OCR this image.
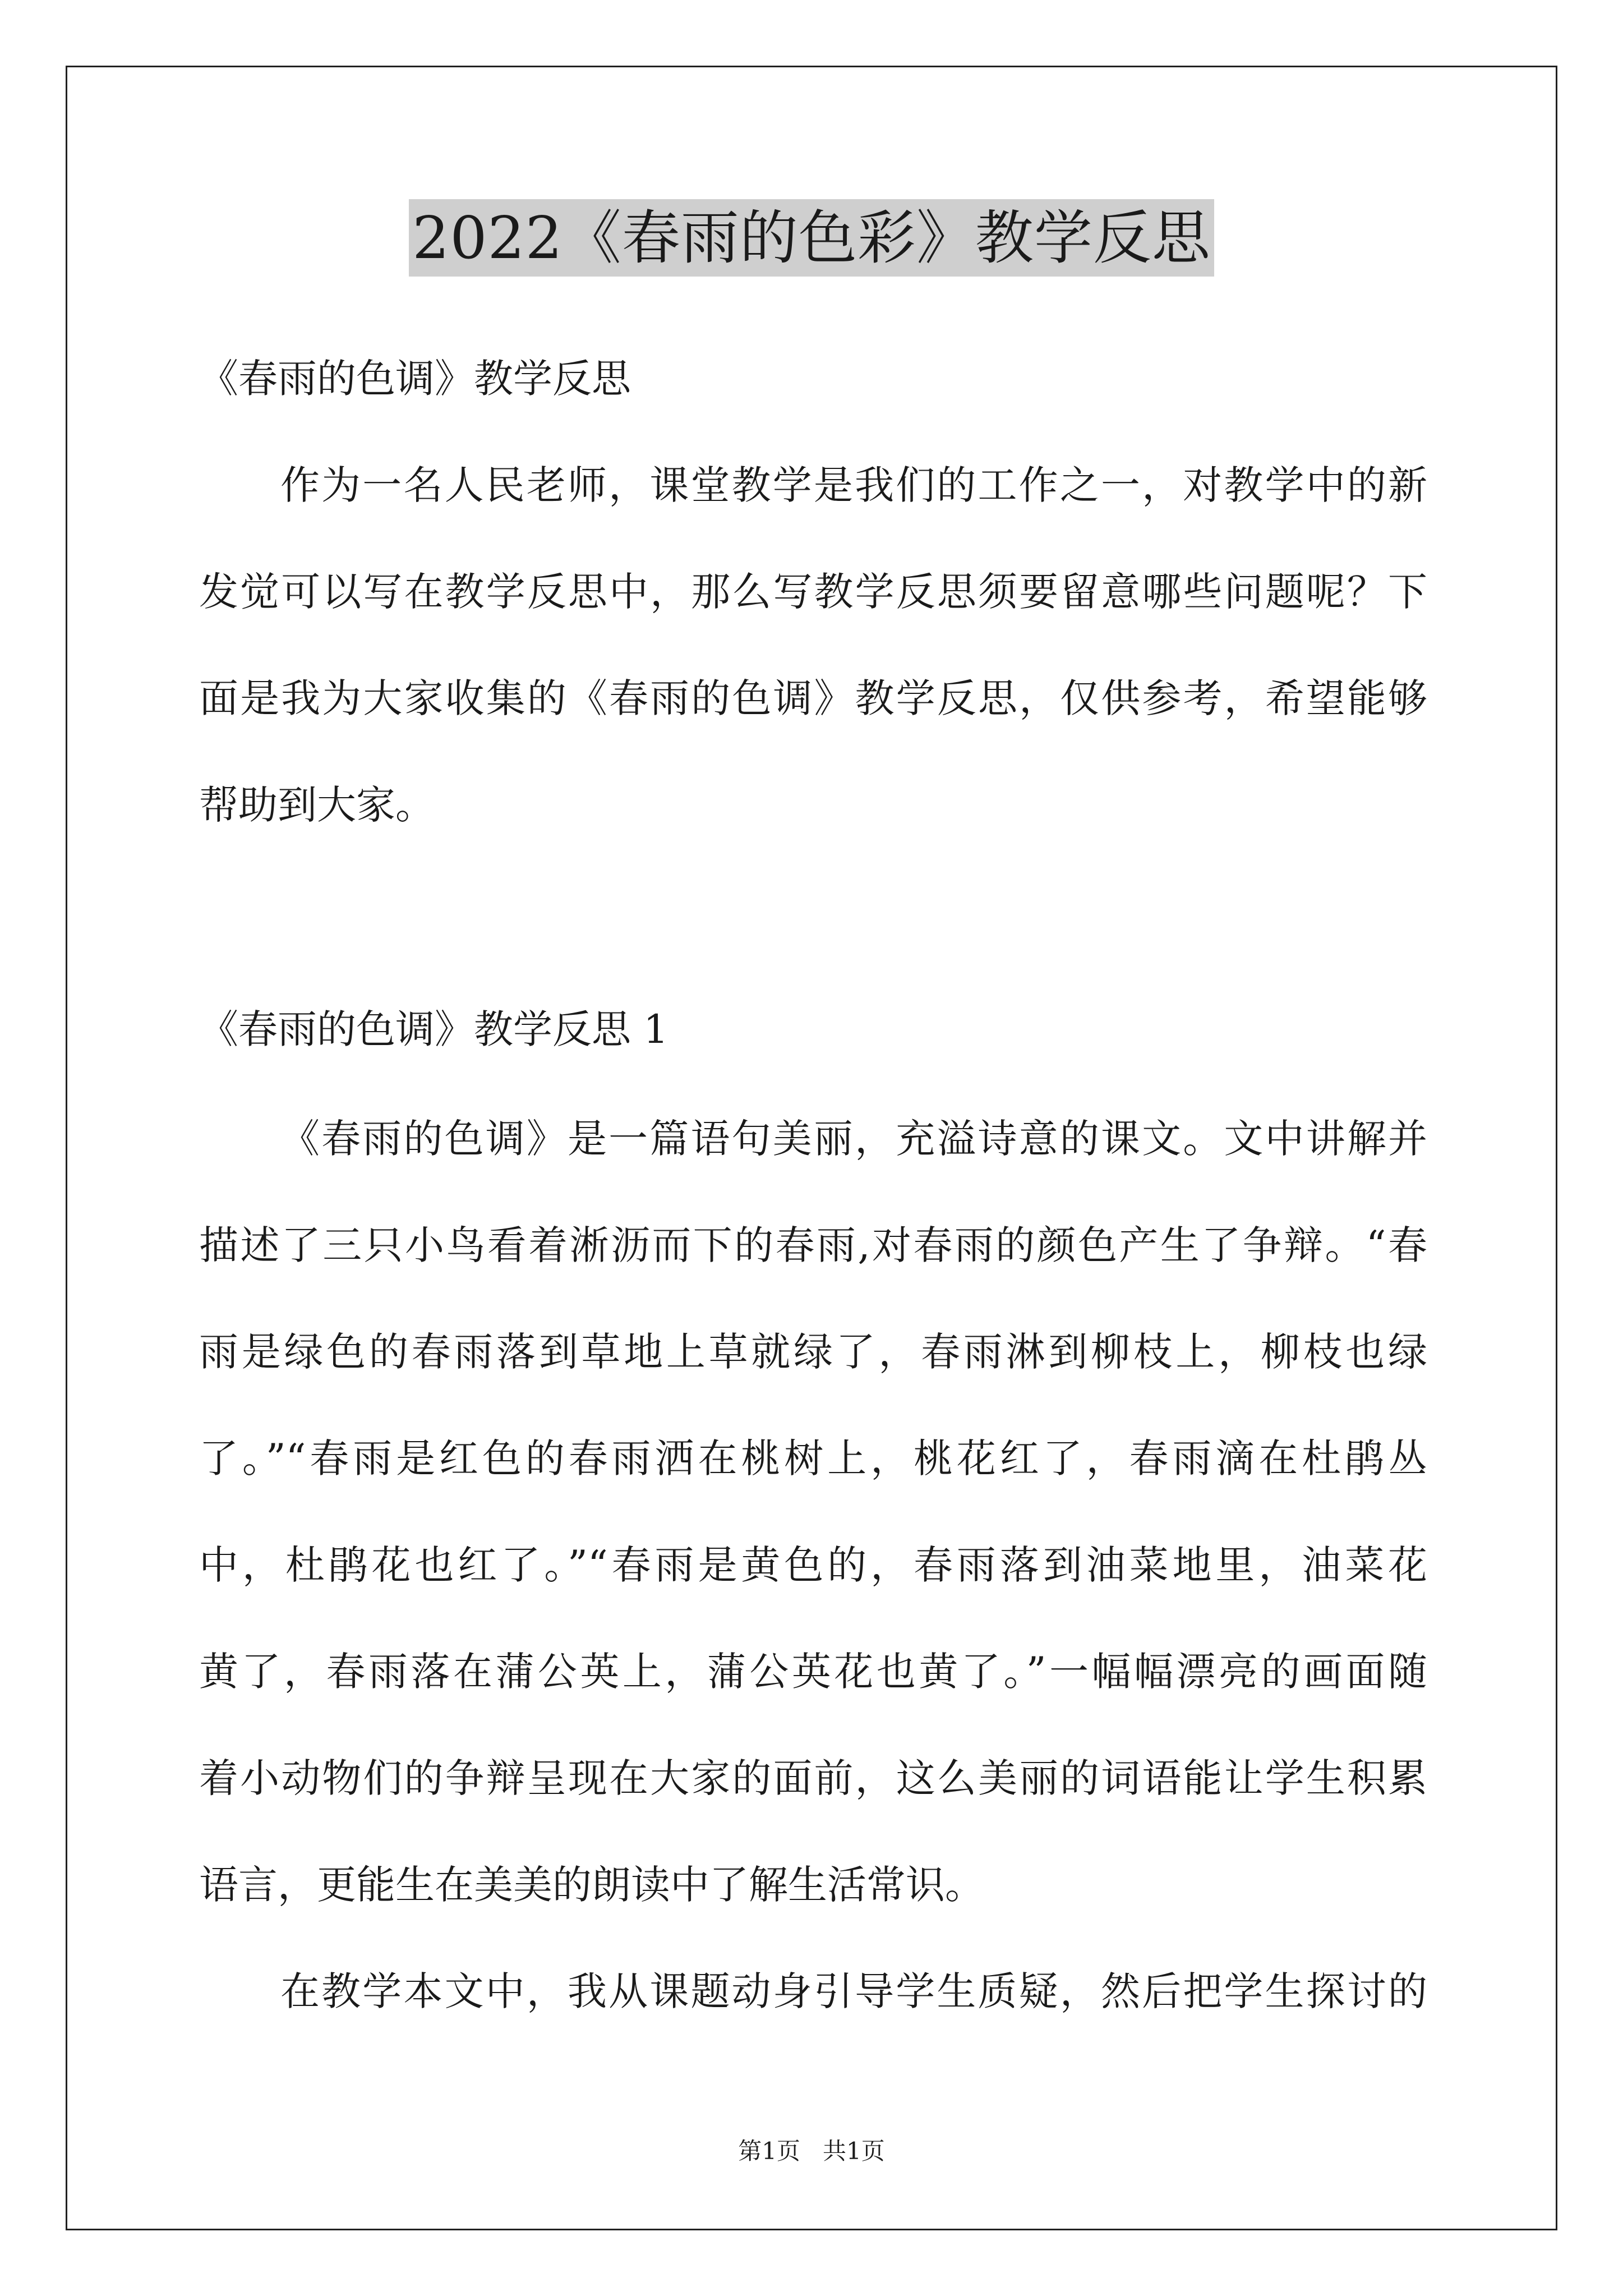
2022《春雨的色彩》教学反思
《春雨的色调》教学反思
作为一名人民老师，课堂教学是我们的工作之一，对教学中的新
发觉可以写在教学反思中，那么写教学反思须要留意哪些问题呢？下
面是我为大家收集的《春雨的色调》教学反思，仅供参考，希望能够
帮助到大家。
《春雨的色调》教学反思 1
《春雨的色调》是一篇语句美丽，充溢诗意的课文。文中讲解并
描述了三只小鸟看着淅沥而下的春雨,对春雨的颜色产生了争辩。“春
雨是绿色的春雨落到草地上草就绿了，春雨淋到柳枝上，柳枝也绿
了。”“春雨是红色的春雨洒在桃树上，桃花红了，春雨滴在杜鹃丛
中，杜鹃花也红了。”“春雨是黄色的，春雨落到油菜地里，油菜花
黄了，春雨落在蒲公英上，蒲公英花也黄了。”一幅幅漂亮的画面随
着小动物们的争辩呈现在大家的面前，这么美丽的词语能让学生积累
语言，更能生在美美的朗读中了解生活常识。
在教学本文中，我从课题动身引导学生质疑，然后把学生探讨的
第1页   共1页
